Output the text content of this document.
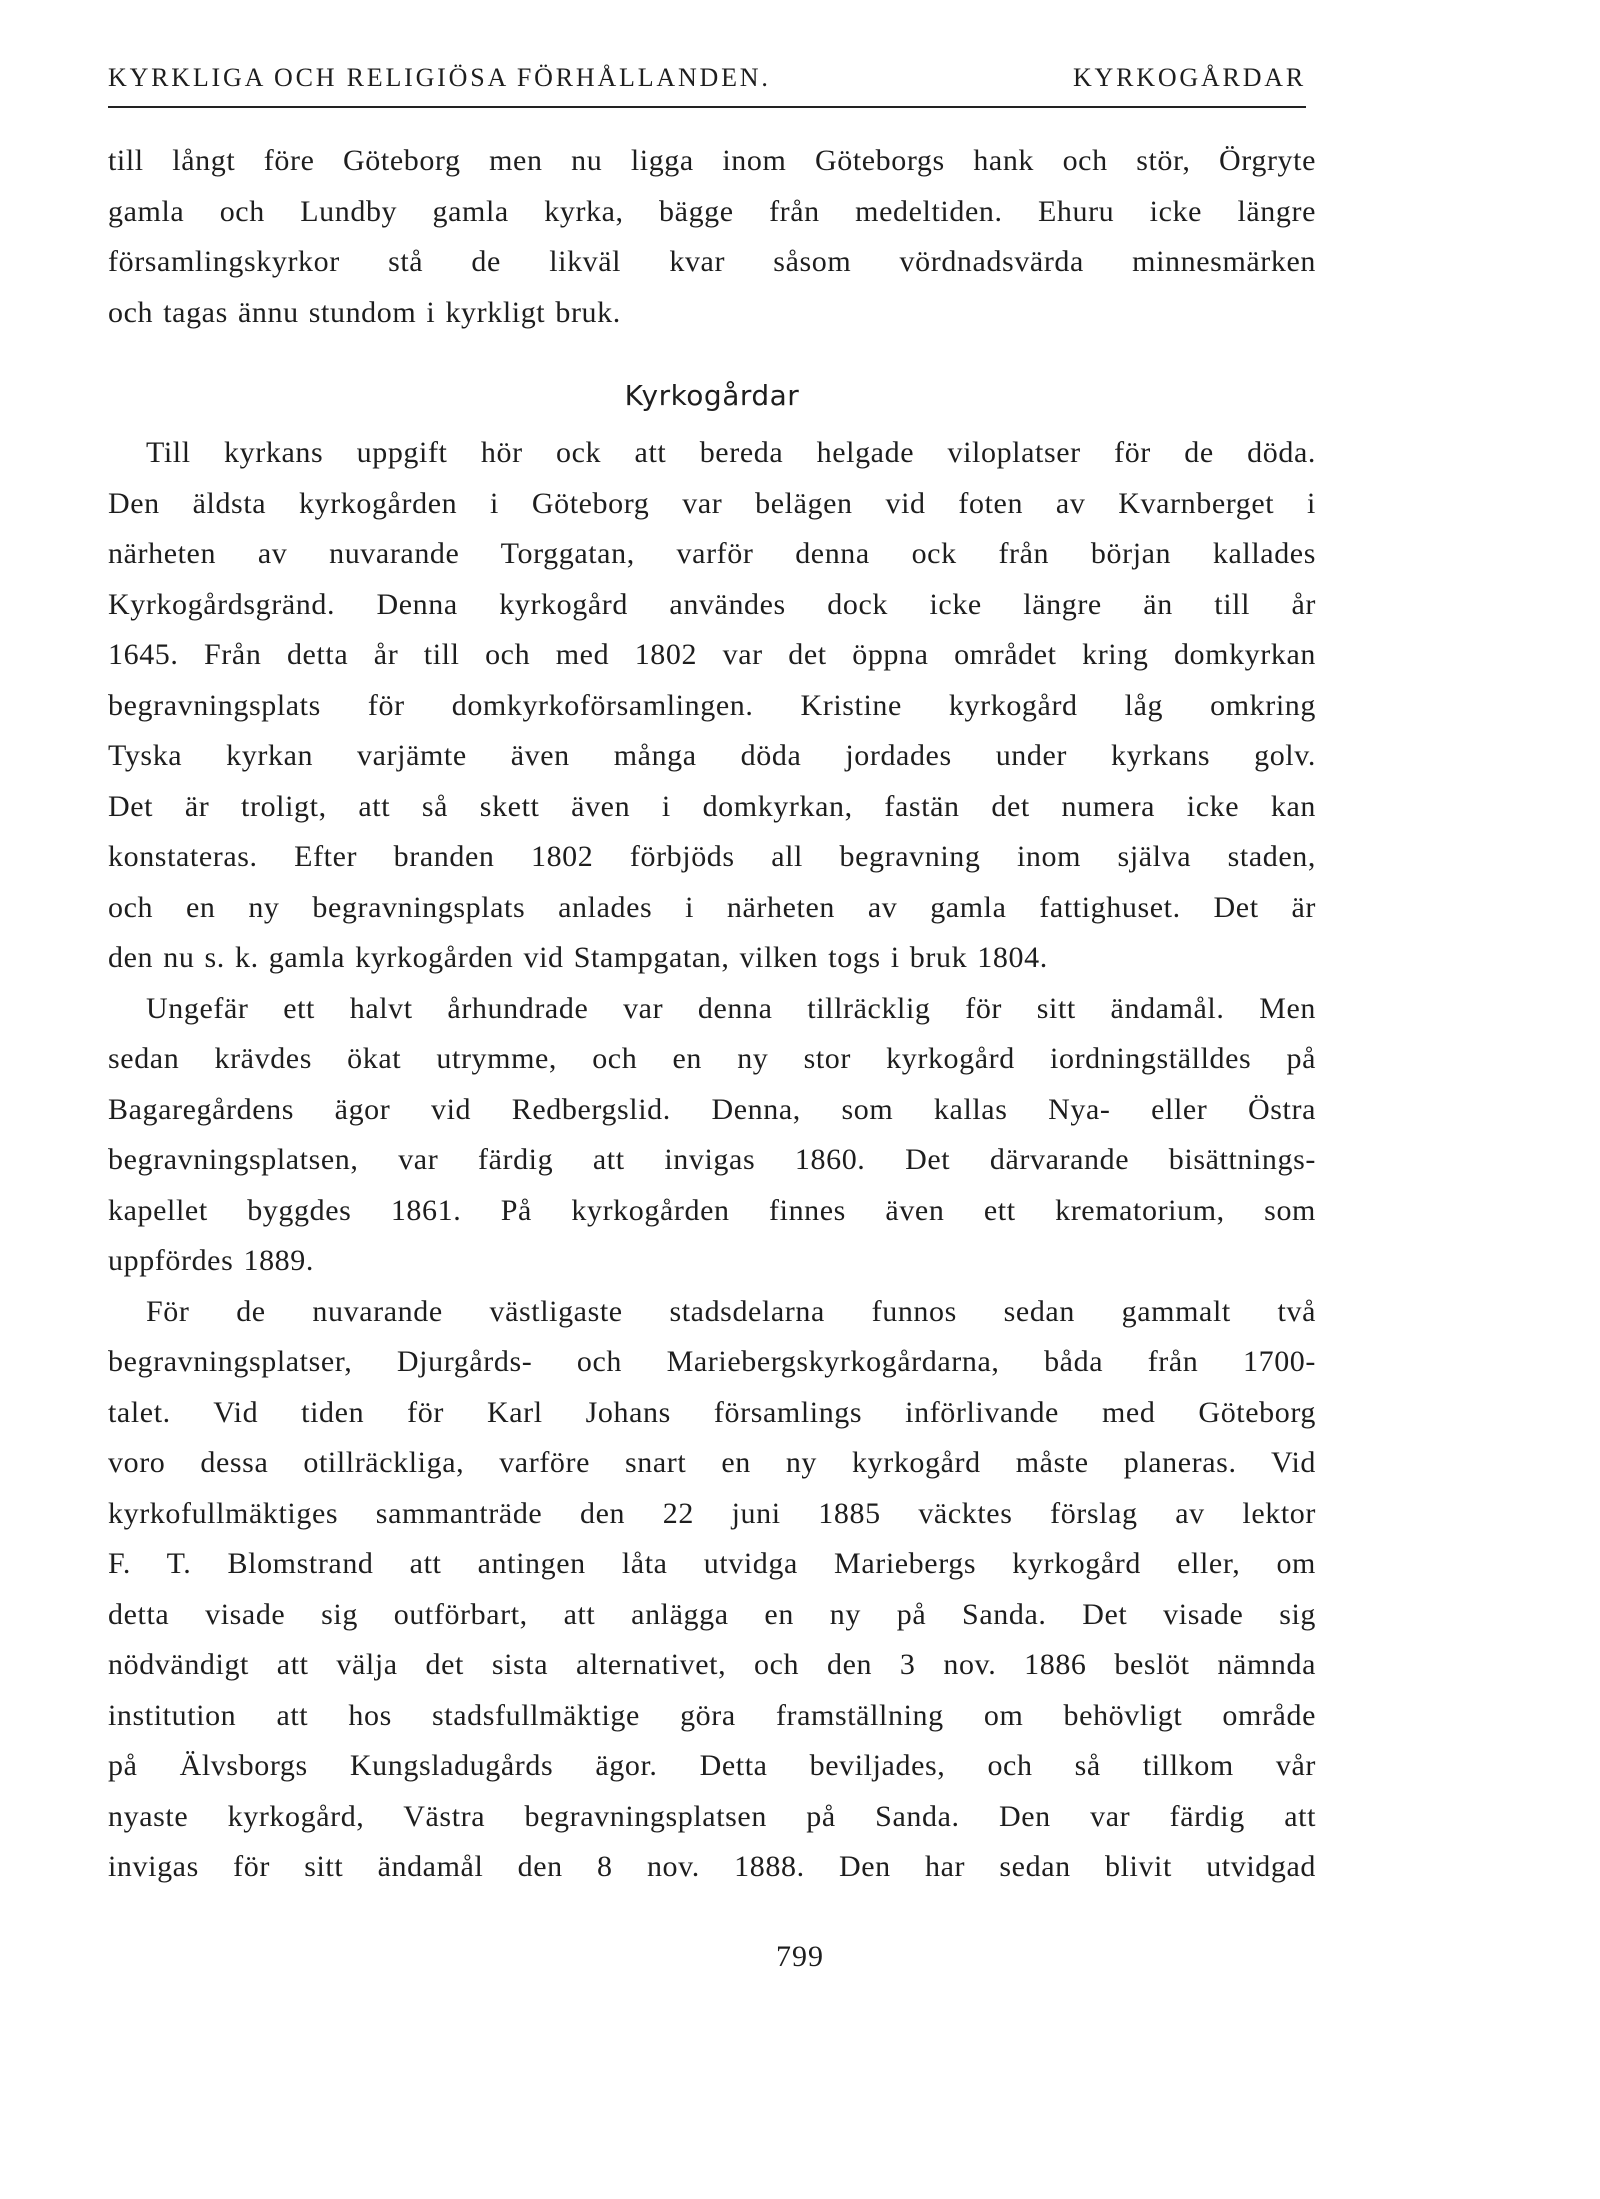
KYRKLIGA OCH RELIGIÖSA FÖRHÅLLANDEN.	KYRKOGÅRDAR

till långt före Göteborg men nu ligga inom Göteborgs hank och stör, Örgryte
gamla och Lundby gamla kyrka, bägge från medeltiden. Ehuru icke längre
församlingskyrkor stå de likväl kvar såsom vördnadsvärda minnesmärken
och tagas ännu stundom i kyrkligt bruk.

Kyrkogårdar

Till kyrkans uppgift hör ock att bereda helgade viloplatser för de döda.
Den äldsta kyrkogården i Göteborg var belägen vid foten av Kvarnberget i
närheten av nuvarande Torggatan, varför denna ock från början kallades
Kyrkogårdsgränd. Denna kyrkogård användes dock icke längre än till år
1645. Från detta år till och med 1802 var det öppna området kring domkyrkan
begravningsplats för domkyrkoförsamlingen. Kristine kyrkogård låg omkring
Tyska kyrkan varjämte även många döda jordades under kyrkans golv.
Det är troligt, att så skett även i domkyrkan, fastän det numera icke kan
konstateras. Efter branden 1802 förbjöds all begravning inom själva staden,
och en ny begravningsplats anlades i närheten av gamla fattighuset. Det är
den nu s. k. gamla kyrkogården vid Stampgatan, vilken togs i bruk 1804.

Ungefär ett halvt århundrade var denna tillräcklig för sitt ändamål. Men
sedan krävdes ökat utrymme, och en ny stor kyrkogård iordningställdes på
Bagaregårdens ägor vid Redbergslid. Denna, som kallas Nya- eller Östra
begravningsplatsen, var färdig att invigas 1860. Det därvarande bisättnings-
kapellet byggdes 1861. På kyrkogården finnes även ett krematorium, som
uppfördes 1889.

För de nuvarande västligaste stadsdelarna funnos sedan gammalt två
begravningsplatser, Djurgårds- och Mariebergskyrkogårdarna, båda från 1700-
talet. Vid tiden för Karl Johans församlings införlivande med Göteborg
voro dessa otillräckliga, varföre snart en ny kyrkogård måste planeras. Vid
kyrkofullmäktiges sammanträde den 22 juni 1885 väcktes förslag av lektor
F. T. Blomstrand att antingen låta utvidga Mariebergs kyrkogård eller, om
detta visade sig outförbart, att anlägga en ny på Sanda. Det visade sig
nödvändigt att välja det sista alternativet, och den 3 nov. 1886 beslöt nämnda
institution att hos stadsfullmäktige göra framställning om behövligt område
på Älvsborgs Kungsladugårds ägor. Detta beviljades, och så tillkom vår
nyaste kyrkogård, Västra begravningsplatsen på Sanda. Den var färdig att
invigas för sitt ändamål den 8 nov. 1888. Den har sedan blivit utvidgad

799
